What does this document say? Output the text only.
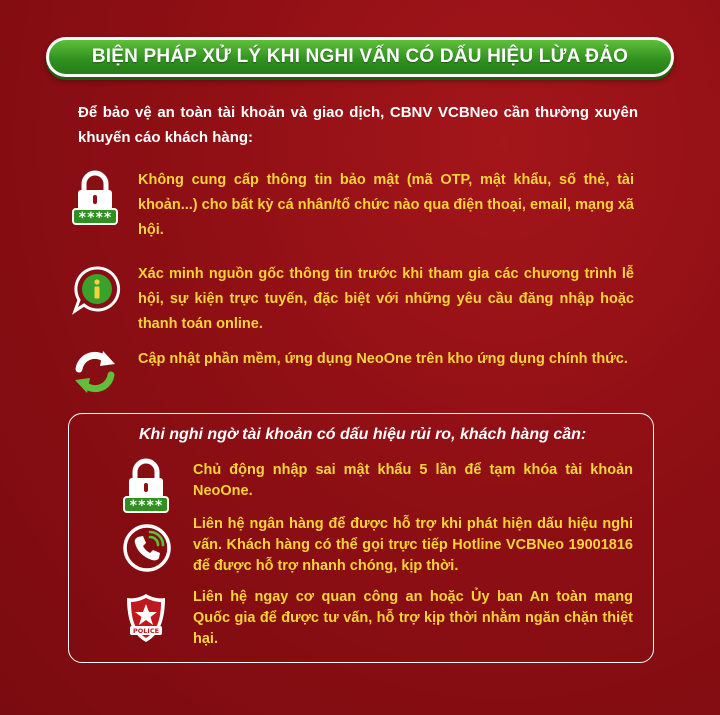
BIỆN PHÁP XỬ LÝ KHI NGHI VẤN CÓ DẤU HIỆU LỪA ĐẢO
Để bảo vệ an toàn tài khoản và giao dịch, CBNV VCBNeo cần thường xuyên khuyến cáo khách hàng:
****
Không cung cấp thông tin bảo mật (mã OTP, mật khẩu, số thẻ, tài khoản...) cho bất kỳ cá nhân/tổ chức nào qua điện thoại, email, mạng xã hội.
Xác minh nguồn gốc thông tin trước khi tham gia các chương trình lễ hội, sự kiện trực tuyến, đặc biệt với những yêu cầu đăng nhập hoặc thanh toán online.
Cập nhật phần mềm, ứng dụng NeoOne trên kho ứng dụng chính thức.
Khi nghi ngờ tài khoản có dấu hiệu rủi ro, khách hàng cần:
****
Chủ động nhập sai mật khẩu 5 lần để tạm khóa tài khoản NeoOne.
Liên hệ ngân hàng để được hỗ trợ khi phát hiện dấu hiệu nghi vấn. Khách hàng có thể gọi trực tiếp Hotline VCBNeo 19001816 để được hỗ trợ nhanh chóng, kịp thời.
POLICE
Liên hệ ngay cơ quan công an hoặc Ủy ban An toàn mạng Quốc gia để được tư vấn, hỗ trợ kịp thời nhằm ngăn chặn thiệt hại.
